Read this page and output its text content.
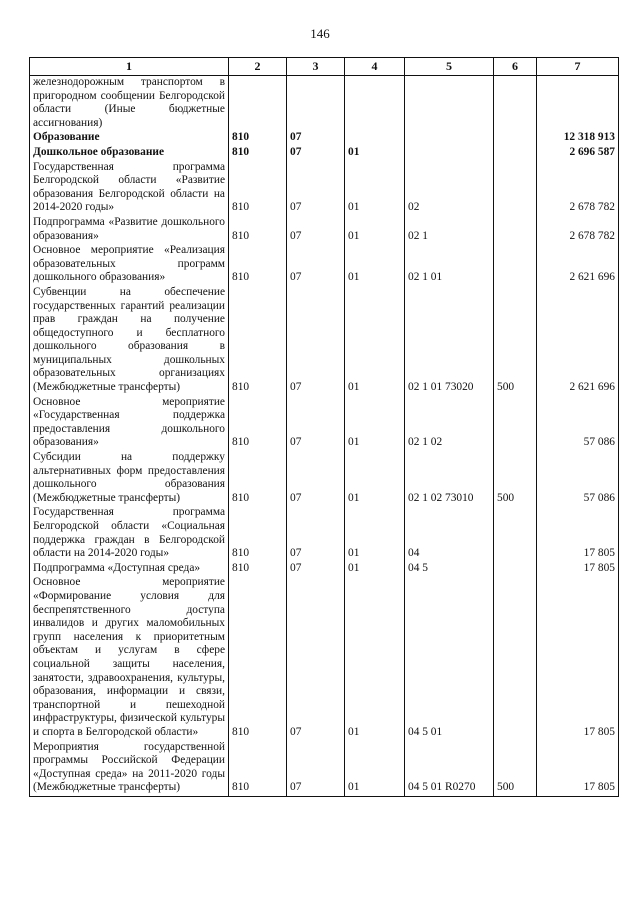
146
1	2	3	4	5	6	7
железнодорожным транспортом в пригородном сообщении Белгородской области (Иные бюджетные ассигнования)						
Образование	810	07				12 318 913
Дошкольное образование	810	07	01			2 696 587
Государственная программа Белгородской области «Развитие образования Белгородской области на 2014-2020 годы»	810	07	01	02		2 678 782
Подпрограмма «Развитие дошкольного образования»	810	07	01	02 1		2 678 782
Основное мероприятие «Реализация образовательных программ дошкольного образования»	810	07	01	02 1 01		2 621 696
Субвенции на обеспечение государственных гарантий реализации прав граждан на получение общедоступного и бесплатного дошкольного образования в муниципальных дошкольных образовательных организациях (Межбюджетные трансферты)	810	07	01	02 1 01 73020	500	2 621 696
Основное мероприятие «Государственная поддержка предоставления дошкольного образования»	810	07	01	02 1 02		57 086
Субсидии на поддержку альтернативных форм предоставления дошкольного образования (Межбюджетные трансферты)	810	07	01	02 1 02 73010	500	57 086
Государственная программа Белгородской области «Социальная поддержка граждан в Белгородской области на 2014-2020 годы»	810	07	01	04		17 805
Подпрограмма «Доступная среда»	810	07	01	04 5		17 805
Основное мероприятие «Формирование условия для беспрепятственного доступа инвалидов и других маломобильных групп населения к приоритетным объектам и услугам в сфере социальной защиты населения, занятости, здравоохранения, культуры, образования, информации и связи, транспортной и пешеходной инфраструктуры, физической культуры и спорта в Белгородской области»	810	07	01	04 5 01		17 805
Мероприятия государственной программы Российской Федерации «Доступная среда» на 2011-2020 годы (Межбюджетные трансферты)	810	07	01	04 5 01 R0270	500	17 805
